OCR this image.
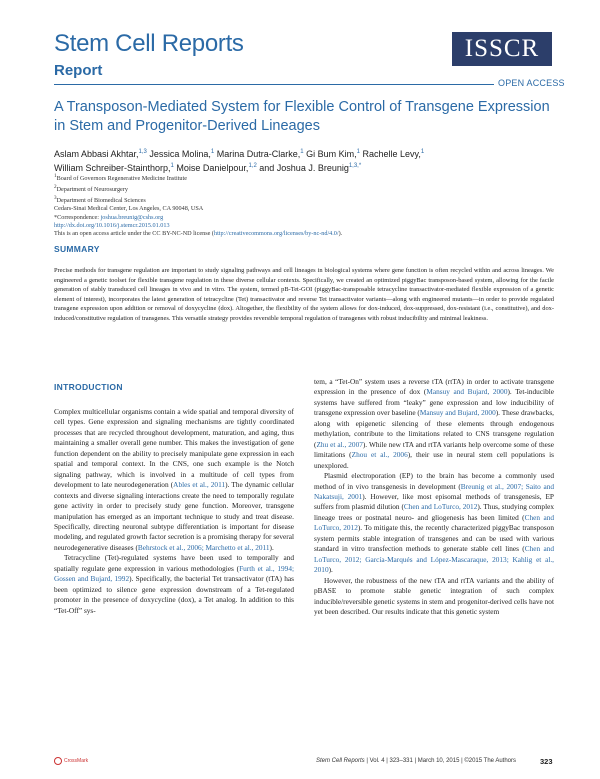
Stem Cell Reports
Report
ISSCR
OPEN ACCESS
A Transposon-Mediated System for Flexible Control of Transgene Expression in Stem and Progenitor-Derived Lineages
Aslam Abbasi Akhtar,$^{1,3}$ Jessica Molina,$^1$ Marina Dutra-Clarke,$^1$ Gi Bum Kim,$^1$ Rachelle Levy,$^1$
William Schreiber-Stainthorp,$^1$ Moise Danielpour,$^{1,2}$ and Joshua J. Breunig$^{1,3,*}$
$^1$Board of Governors Regenerative Medicine Institute
$^2$Department of Neurosurgery
$^3$Department of Biomedical Sciences
Cedars-Sinai Medical Center, Los Angeles, CA 90048, USA
*Correspondence: joshua.breunig@cshs.org
http://dx.doi.org/10.1016/j.stemcr.2015.01.013
This is an open access article under the CC BY-NC-ND license (http://creativecommons.org/licenses/by-nc-nd/4.0/).
SUMMARY
Precise methods for transgene regulation are important to study signaling pathways and cell lineages in biological systems where gene function is often recycled within and across lineages. We engineered a genetic toolset for flexible transgene regulation in these diverse cellular contexts. Specifically, we created an optimized piggyBac transposon-based system, allowing for the facile generation of stably transduced cell lineages in vivo and in vitro. The system, termed pB-Tet-GOI (piggyBac-transposable tetracycline transactivator-mediated flexible expression of a genetic element of interest), incorporates the latest generation of tetracycline (Tet) transactivator and reverse Tet transactivator variants—along with engineered mutants—in order to provide regulated transgene expression upon addition or removal of doxycycline (dox). Altogether, the flexibility of the system allows for dox-induced, dox-suppressed, dox-resistant (i.e., constitutive), and dox-induced/constitutive regulation of transgenes. This versatile strategy provides reversible temporal regulation of transgenes with robust inducibility and minimal leakiness.
INTRODUCTION

Complex multicellular organisms contain a wide spatial and temporal diversity of cell types. Gene expression and signaling mechanisms are tightly coordinated processes that are recycled throughout development, maturation, and aging, thus maintaining a smaller overall gene number. This makes the investigation of gene function dependent on the ability to precisely manipulate gene expression in each spatial and temporal context. In the CNS, one such example is the Notch signaling pathway, which is involved in a multitude of cell types from development to late neurodegeneration (Ables et al., 2011). The dynamic cellular contexts and diverse signaling interactions create the need to temporally regulate gene activity in order to precisely study gene function. Moreover, transgene manipulation has emerged as an important technique to study and treat disease. Specifically, directing neuronal subtype differentiation is important for disease modeling, and regulated growth factor secretion is a promising therapy for several neurodegenerative diseases (Behrstock et al., 2006; Marchetto et al., 2011).

Tetracycline (Tet)-regulated systems have been used to temporally and spatially regulate gene expression in various methodologies (Furth et al., 1994; Gossen and Bujard, 1992). Specifically, the bacterial Tet transactivator (tTA) has been optimized to silence gene expression downstream of a Tet-regulated promoter in the presence of doxycycline (dox), a Tet analog. In addition to this “Tet-Off” sys-

tem, a “Tet-On” system uses a reverse tTA (rtTA) in order to activate transgene expression in the presence of dox (Mansuy and Bujard, 2000). Tet-inducible systems have suffered from “leaky” gene expression and low inducibility of transgene expression over baseline (Mansuy and Bujard, 2000). These drawbacks, along with epigenetic silencing of these elements through endogenous methylation, contribute to the limitations related to CNS transgene regulation (Zhu et al., 2007). While new tTA and rtTA variants help overcome some of these limitations (Zhou et al., 2006), their use in neural stem cell populations is unexplored.

Plasmid electroporation (EP) to the brain has become a commonly used method of in vivo transgenesis in development (Breunig et al., 2007; Saito and Nakatsuji, 2001). However, like most episomal methods of transgenesis, EP suffers from plasmid dilution (Chen and LoTurco, 2012). Thus, studying complex lineage trees or postnatal neuro- and gliogenesis has been limited (Chen and LoTurco, 2012). To mitigate this, the recently characterized piggyBac transposon system permits stable integration of transgenes and can be used with various standard in vitro transfection methods to generate stable cell lines (Chen and LoTurco, 2012; García-Marqués and López-Mascaraque, 2013; Kahlig et al., 2010).

However, the robustness of the new tTA and rtTA variants and the ability of pBASE to promote stable genetic integration of such complex inducible/reversible genetic systems in stem and progenitor-derived cells have not yet been described. Our results indicate that this genetic system

CrossMark	Stem Cell Reports | Vol. 4 | 323–331 | March 10, 2015 | ©2015 The Authors	323
